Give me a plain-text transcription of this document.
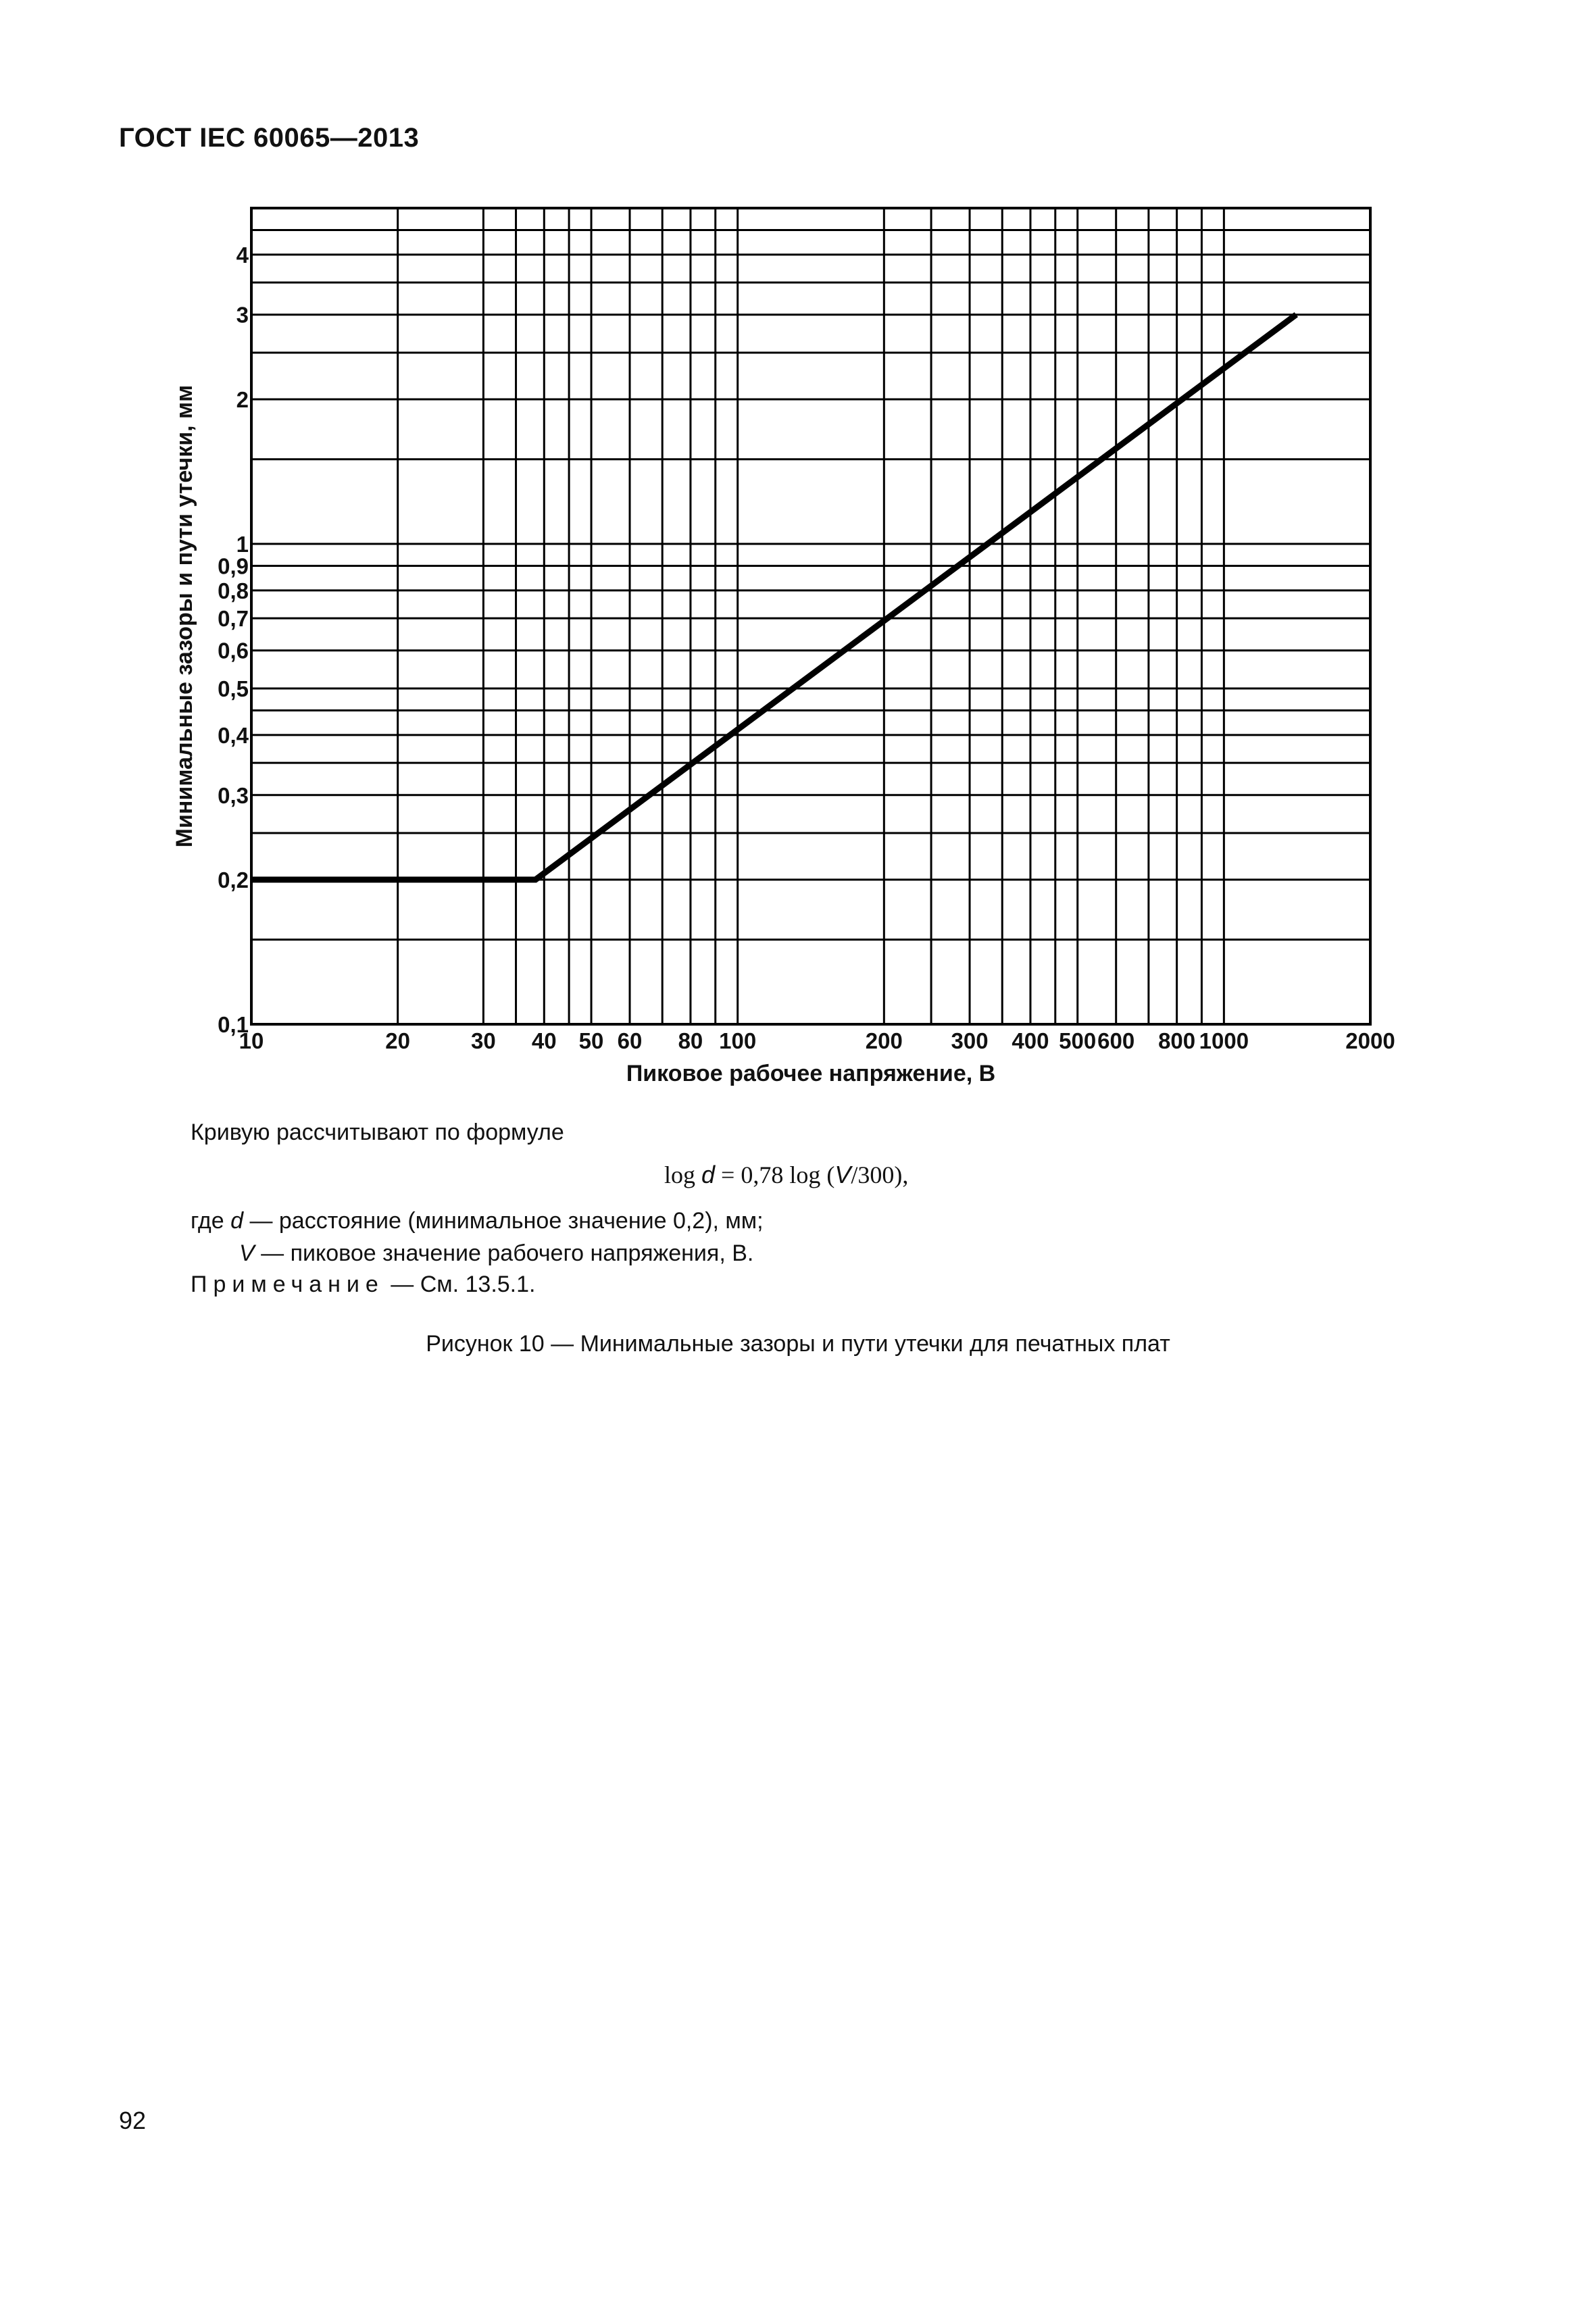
ГОСТ IEC 60065—2013
10	20	30 40 50 60 80 100	200 300 400 500 600 800 1000	2000
0,1
0,2
0,3
0,4
0,5
0,6
0,7
0,8
0,9
1
2
3
4
Пиковое рабочее напряжение, В
Минимальные зазоры и пути утечки, мм
Кривую рассчитывают по формуле
log d = 0,78 log (V/300),
где d — расстояние (минимальное значение 0,2), мм;
V — пиковое значение рабочего напряжения, В.
Примечание — См. 13.5.1.
Рисунок 10 — Минимальные зазоры и пути утечки для печатных плат
92
